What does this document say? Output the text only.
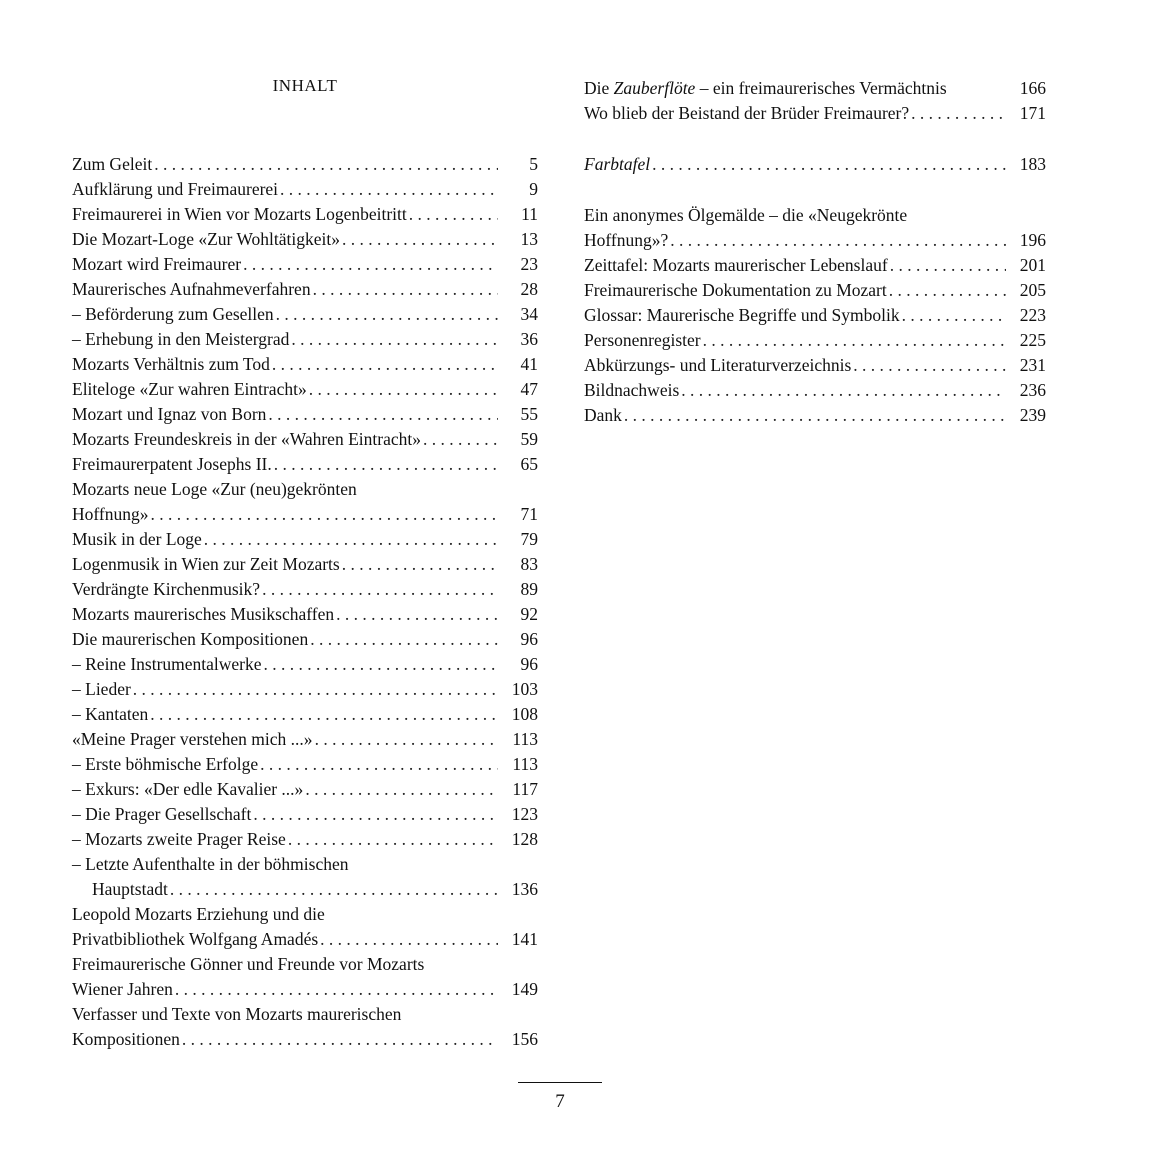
INHALT
Zum Geleit . . .	5
Aufklärung und Freimaurerei . . .	9
Freimaurerei in Wien vor Mozarts Logenbeitritt . . .	11
Die Mozart-Loge «Zur Wohltätigkeit» . . .	13
Mozart wird Freimaurer . . .	23
Maurerisches Aufnahmeverfahren . . .	28
– Beförderung zum Gesellen . . .	34
– Erhebung in den Meistergrad . . .	36
Mozarts Verhältnis zum Tod . . .	41
Eliteloge «Zur wahren Eintracht» . . .	47
Mozart und Ignaz von Born . . .	55
Mozarts Freundeskreis in der «Wahren Eintracht» . . .	59
Freimaurerpatent Josephs II. . . .	65
Mozarts neue Loge «Zur (neu)gekrönten
Hoffnung» . . .	71
Musik in der Loge . . .	79
Logenmusik in Wien zur Zeit Mozarts . . .	83
Verdrängte Kirchenmusik? . . .	89
Mozarts maurerisches Musikschaffen . . .	92
Die maurerischen Kompositionen . . .	96
– Reine Instrumentalwerke . . .	96
– Lieder . . .	103
– Kantaten . . .	108
«Meine Prager verstehen mich ...» . . .	113
– Erste böhmische Erfolge . . .	113
– Exkurs: «Der edle Kavalier ...» . . .	117
– Die Prager Gesellschaft . . .	123
– Mozarts zweite Prager Reise . . .	128
– Letzte Aufenthalte in der böhmischen
Hauptstadt . . .	136
Leopold Mozarts Erziehung und die
Privatbibliothek Wolfgang Amadés . . .	141
Freimaurerische Gönner und Freunde vor Mozarts
Wiener Jahren . . .	149
Verfasser und Texte von Mozarts maurerischen
Kompositionen . . .	156
Die Zauberflöte – ein freimaurerisches Vermächtnis	166
Wo blieb der Beistand der Brüder Freimaurer? . . .	171
Farbtafel . . .	183
Ein anonymes Ölgemälde – die «Neugekrönte
Hoffnung»? . . .	196
Zeittafel: Mozarts maurerischer Lebenslauf . . .	201
Freimaurerische Dokumentation zu Mozart . . .	205
Glossar: Maurerische Begriffe und Symbolik . . .	223
Personenregister . . .	225
Abkürzungs- und Literaturverzeichnis . . .	231
Bildnachweis . . .	236
Dank . . .	239
7
